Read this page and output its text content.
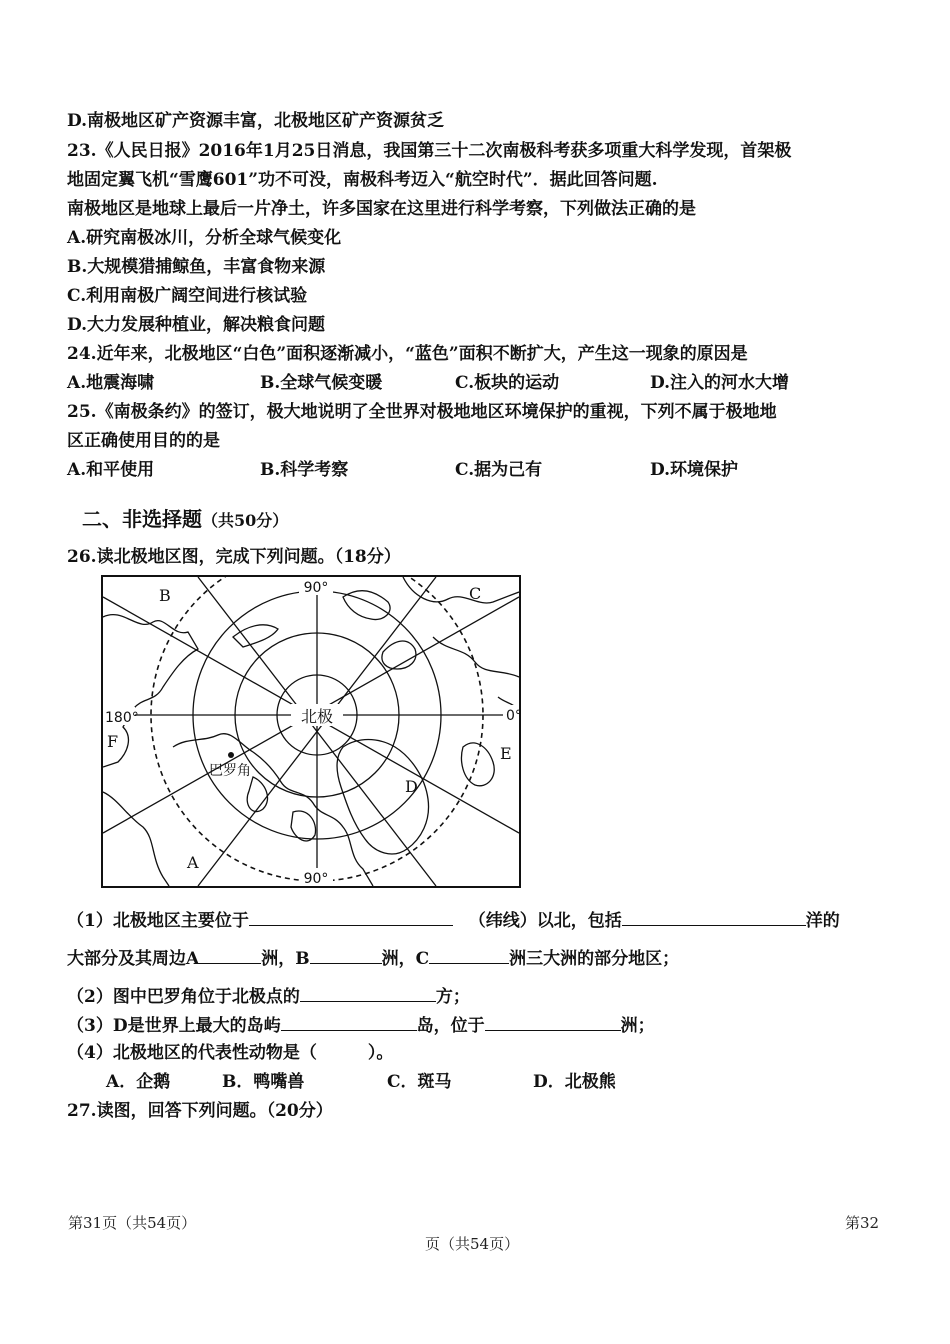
D.南极地区矿产资源丰富，北极地区矿产资源贫乏
23.《人民日报》2016年1月25日消息，我国第三十二次南极科考获多项重大科学发现，首架极
地固定翼飞机“雪鹰601”功不可没，南极科考迈入“航空时代”．据此回答问题.
南极地区是地球上最后一片净土，许多国家在这里进行科学考察，下列做法正确的是
A.研究南极冰川，分析全球气候变化
B.大规模猎捕鲸鱼，丰富食物来源
C.利用南极广阔空间进行核试验
D.大力发展种植业，解决粮食问题
24.近年来，北极地区“白色”面积逐渐减小，“蓝色”面积不断扩大，产生这一现象的原因是
A.地震海啸	B.全球气候变暖	C.板块的运动	D.注入的河水大增
25.《南极条约》的签订，极大地说明了全世界对极地地区环境保护的重视，下列不属于极地地
区正确使用目的的是
A.和平使用	B.科学考察	C.据为己有	D.环境保护
二、非选择题（共50分）
26.读北极地区图，完成下列问题。（18分）
北极
90°
90°
180°	0°
巴罗角
A
B	C
D
E
F
（1）北极地区主要位于	（纬线）以北，包括	洋的
大部分及其周边A	洲，B	洲，C	洲三大洲的部分地区；
（2）图中巴罗角位于北极点的	方；
（3）D是世界上最大的岛屿	岛，位于	洲；
（4）北极地区的代表性动物是（　　　）。
A．企鹅	B．鸭嘴兽	C．斑马	D．北极熊
27.读图，回答下列问题。（20分）
第31页（共54页）	第32
页（共54页）
